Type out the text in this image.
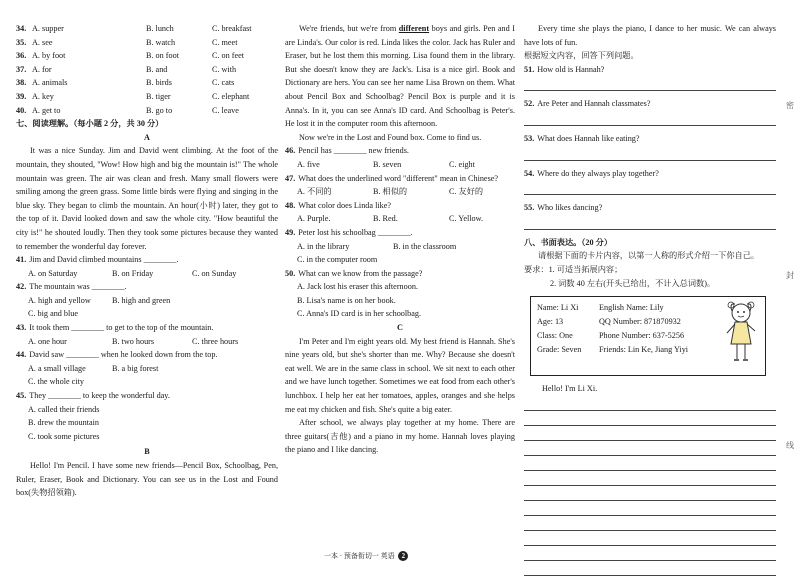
34. A. supper	B. lunch	C. breakfast
35. A. see	B. watch	C. meet
36. A. by foot	B. on foot	C. on feet
37. A. for	B. and	C. with
38. A. animals	B. birds	C. cats
39. A. key	B. tiger	C. elephant
40. A. get to	B. go to	C. leave
七、阅读理解。（每小题 2 分，共 30 分）
A

It was a nice Sunday. Jim and David went climbing. At the foot of the mountain, they shouted, "Wow! How high and big the mountain is!" The whole mountain was green. The air was clean and fresh. Many small flowers were smiling among the green grass. Some little birds were flying and singing in the blue sky. They began to climb the mountain. An hour(小时) later, they got to the top of it. David looked down and saw the whole city. "How beautiful the city is!" he shouted loudly. Then they took some pictures because they wanted to remember the wonderful day forever.

41.Jim and David climbed mountains ________.
A. on Saturday	B. on Friday	C. on Sunday
42.The mountain was ________.
A. high and yellow	B. high and green
C. big and blue
43.It took them ________ to get to the top of the mountain.
A. one hour	B. two hours	C. three hours
44.David saw ________ when he looked down from the top.
A. a small village	B. a big forest
C. the whole city
45.They ________ to keep the wonderful day.
A. called their friends
B. drew the mountain
C. took some pictures
B

Hello! I'm Pencil. I have some new friends—Pencil Box, Schoolbag, Pen, Ruler, Eraser, Book and Dictionary. You can see us in the Lost and Found box(失物招领箱).

We're friends, but we're from different boys and girls. Pen and I are Linda's. Our color is red. Linda likes the color. Jack has Ruler and Eraser, but he lost them this morning. Lisa found them in the library. But she doesn't know they are Jack's. Lisa is a nice girl. Book and Dictionary are hers. You can see her name Lisa Brown on them. What about Pencil Box and Schoolbag? Pencil Box is purple and it is Anna's. In it, you can see Anna's ID card. And Schoolbag is Peter's. He lost it in the computer room this afternoon.

Now we're in the Lost and Found box. Come to find us.

46.Pencil has ________ new friends.
A. five	B. seven	C. eight
47.What does the underlined word "different" mean in Chinese?
A. 不同的	B. 相似的	C. 友好的
48.What color does Linda like?
A. Purple.	B. Red.	C. Yellow.
49.Peter lost his schoolbag ________.
A. in the library	B. in the classroom
C. in the computer room
50.What can we know from the passage?
A. Jack lost his eraser this afternoon.
B. Lisa's name is on her book.
C. Anna's ID card is in her schoolbag.
C

I'm Peter and I'm eight years old. My best friend is Hannah. She's nine years old, but she's shorter than me. Why? Because she doesn't eat well. We are in the same class in school. We sit next to each other and we have lunch together. Sometimes we eat food from each other's lunchbox. I help her eat her tomatoes, apples, oranges and she helps me eat my chicken and fish. She's quite a big eater.

After school, we always play together at my home. There are three guitars(吉他) and a piano in my home. Hannah loves playing the piano and I like dancing.

Every time she plays the piano, I dance to her music. We can always have lots of fun.

根据短文内容，回答下列问题。
51.How old is Hannah?
52.Are Peter and Hannah classmates?
53.What does Hannah like eating?
54.Where do they always play together?
55.Who likes dancing?
八、书面表达。（20 分）
请根据下面的卡片内容，以第一人称的形式介绍一下你自己。
要求：1. 可适当拓展内容；
2. 词数 40 左右(开头已给出，不计入总词数)。
Name: Li Xi	English Name: Lily
Age: 13	QQ Number: 871870932
Class: One	Phone Number: 637-5256
Grade: Seven Friends: Lin Ke, Jiang Yiyi
Hello! I'm Li Xi.
密
封
线
一本 · 预备衔切一 英语 2
